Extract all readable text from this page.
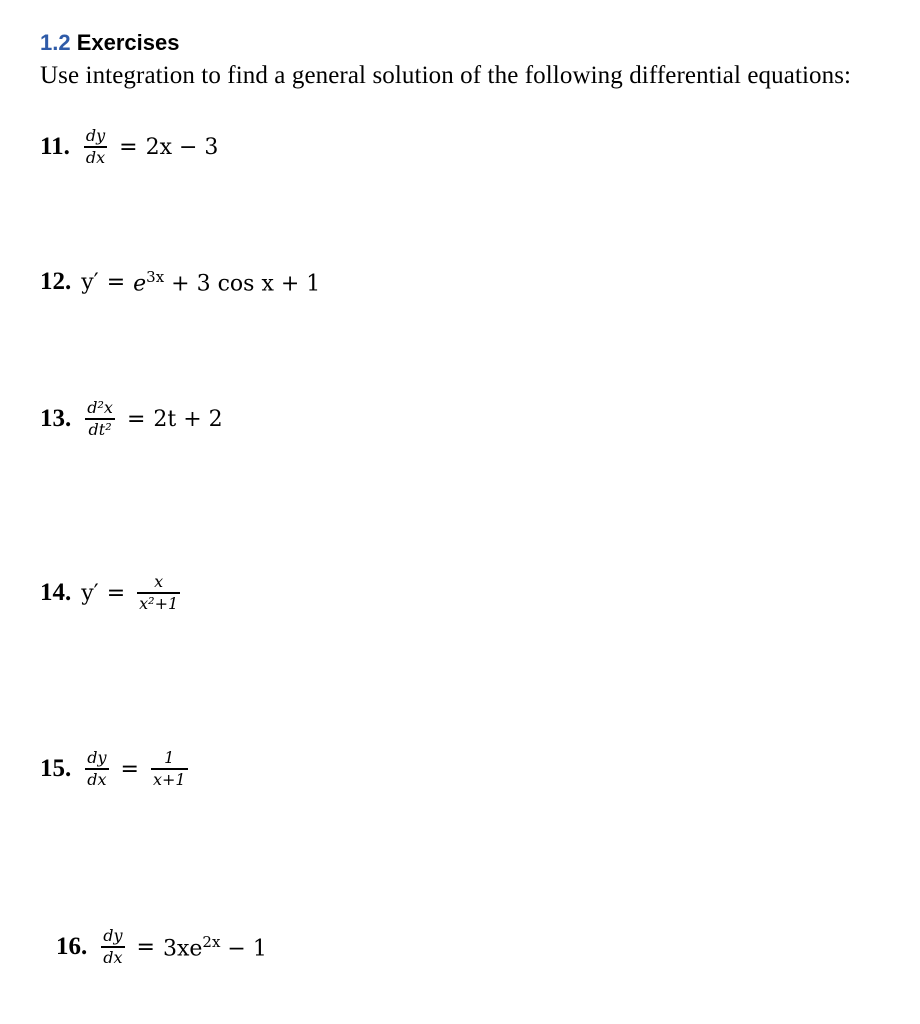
1.2 Exercises
Use integration to find a general solution of the following differential equations:
11. $\frac{dy}{dx} = 2x - 3$
12. $y' = e^{3x} + 3$ cos x + 1
13. $\frac{\text{d²x}}{\text{dt²}} = 2t + 2$
14. $y' = \frac{x}{\text{x²+1}}$
15. $\frac{dy}{dx} = \frac{1}{x+1}$
16. $\frac{dy}{dx} = 3xe^{2x} - 1$
